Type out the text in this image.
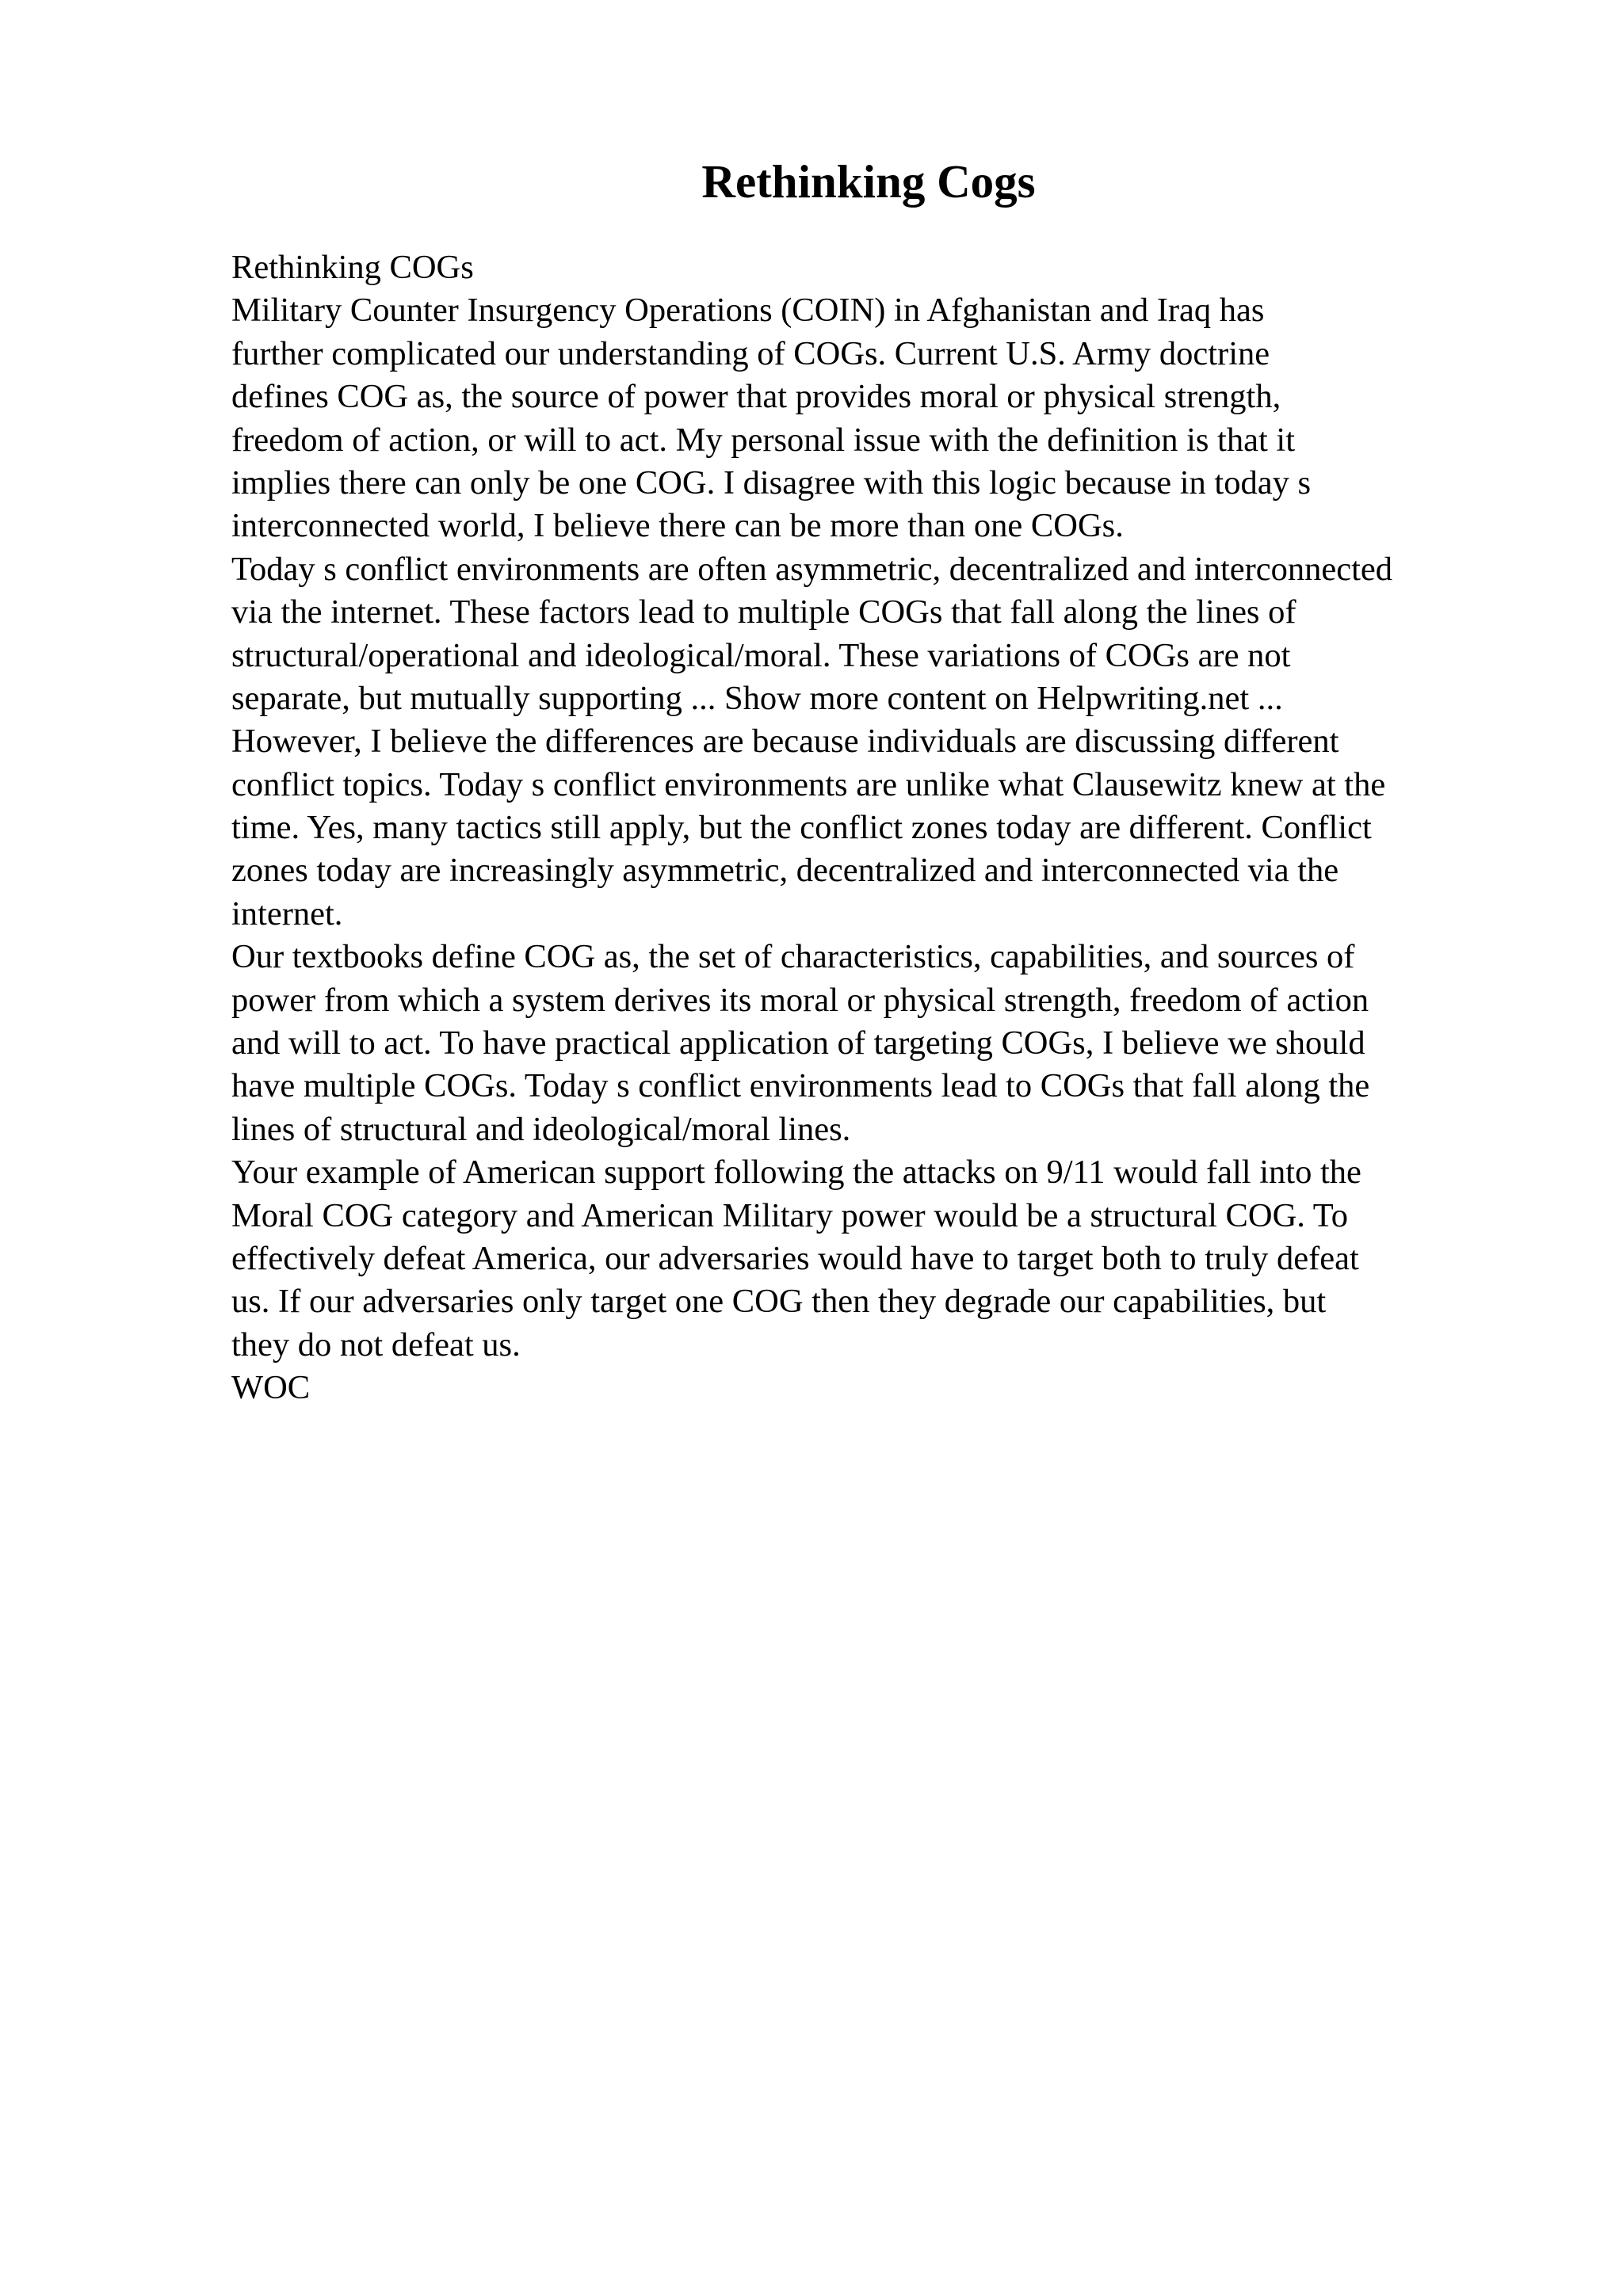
Rethinking Cogs
Rethinking COGs
Military Counter Insurgency Operations (COIN) in Afghanistan and Iraq has
further complicated our understanding of COGs. Current U.S. Army doctrine
defines COG as, the source of power that provides moral or physical strength,
freedom of action, or will to act. My personal issue with the definition is that it
implies there can only be one COG. I disagree with this logic because in today s
interconnected world, I believe there can be more than one COGs.
Today s conflict environments are often asymmetric, decentralized and interconnected
via the internet. These factors lead to multiple COGs that fall along the lines of
structural/operational and ideological/moral. These variations of COGs are not
separate, but mutually supporting ... Show more content on Helpwriting.net ...
However, I believe the differences are because individuals are discussing different
conflict topics. Today s conflict environments are unlike what Clausewitz knew at the
time. Yes, many tactics still apply, but the conflict zones today are different. Conflict
zones today are increasingly asymmetric, decentralized and interconnected via the
internet.
Our textbooks define COG as, the set of characteristics, capabilities, and sources of
power from which a system derives its moral or physical strength, freedom of action
and will to act. To have practical application of targeting COGs, I believe we should
have multiple COGs. Today s conflict environments lead to COGs that fall along the
lines of structural and ideological/moral lines.
Your example of American support following the attacks on 9/11 would fall into the
Moral COG category and American Military power would be a structural COG. To
effectively defeat America, our adversaries would have to target both to truly defeat
us. If our adversaries only target one COG then they degrade our capabilities, but
they do not defeat us.
WOC
